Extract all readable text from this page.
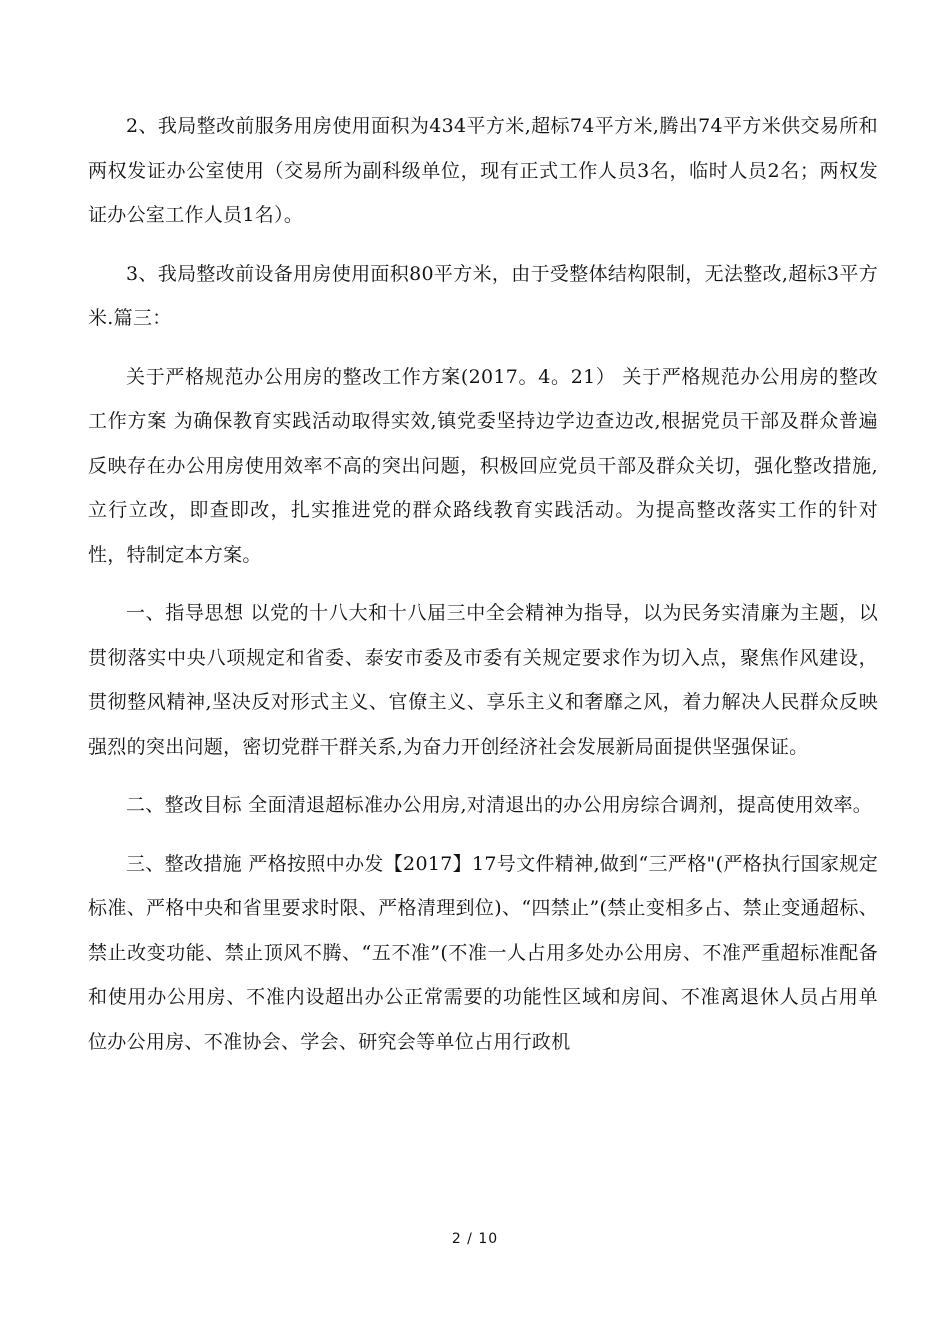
2、我局整改前服务用房使用面积为434平方米,超标74平方米,腾出74平方米供交易所和两权发证办公室使用（交易所为副科级单位，现有正式工作人员3名，临时人员2名；两权发证办公室工作人员1名）。

3、我局整改前设备用房使用面积80平方米，由于受整体结构限制，无法整改,超标3平方米.篇三：

关于严格规范办公用房的整改工作方案(2017。4。21） 关于严格规范办公用房的整改工作方案 为确保教育实践活动取得实效,镇党委坚持边学边查边改,根据党员干部及群众普遍反映存在办公用房使用效率不高的突出问题，积极回应党员干部及群众关切，强化整改措施,立行立改，即查即改，扎实推进党的群众路线教育实践活动。为提高整改落实工作的针对性，特制定本方案。

一、指导思想 以党的十八大和十八届三中全会精神为指导，以为民务实清廉为主题，以贯彻落实中央八项规定和省委、泰安市委及市委有关规定要求作为切入点，聚焦作风建设，贯彻整风精神,坚决反对形式主义、官僚主义、享乐主义和奢靡之风，着力解决人民群众反映强烈的突出问题，密切党群干群关系,为奋力开创经济社会发展新局面提供坚强保证。

二、整改目标 全面清退超标准办公用房,对清退出的办公用房综合调剂，提高使用效率。

三、整改措施 严格按照中办发【2017】17号文件精神,做到“三严格"(严格执行国家规定标准、严格中央和省里要求时限、严格清理到位)、“四禁止”(禁止变相多占、禁止变通超标、禁止改变功能、禁止顶风不腾、“五不准”(不准一人占用多处办公用房、不准严重超标准配备和使用办公用房、不准内设超出办公正常需要的功能性区域和房间、不准离退休人员占用单位办公用房、不准协会、学会、研究会等单位占用行政机

2 / 10
